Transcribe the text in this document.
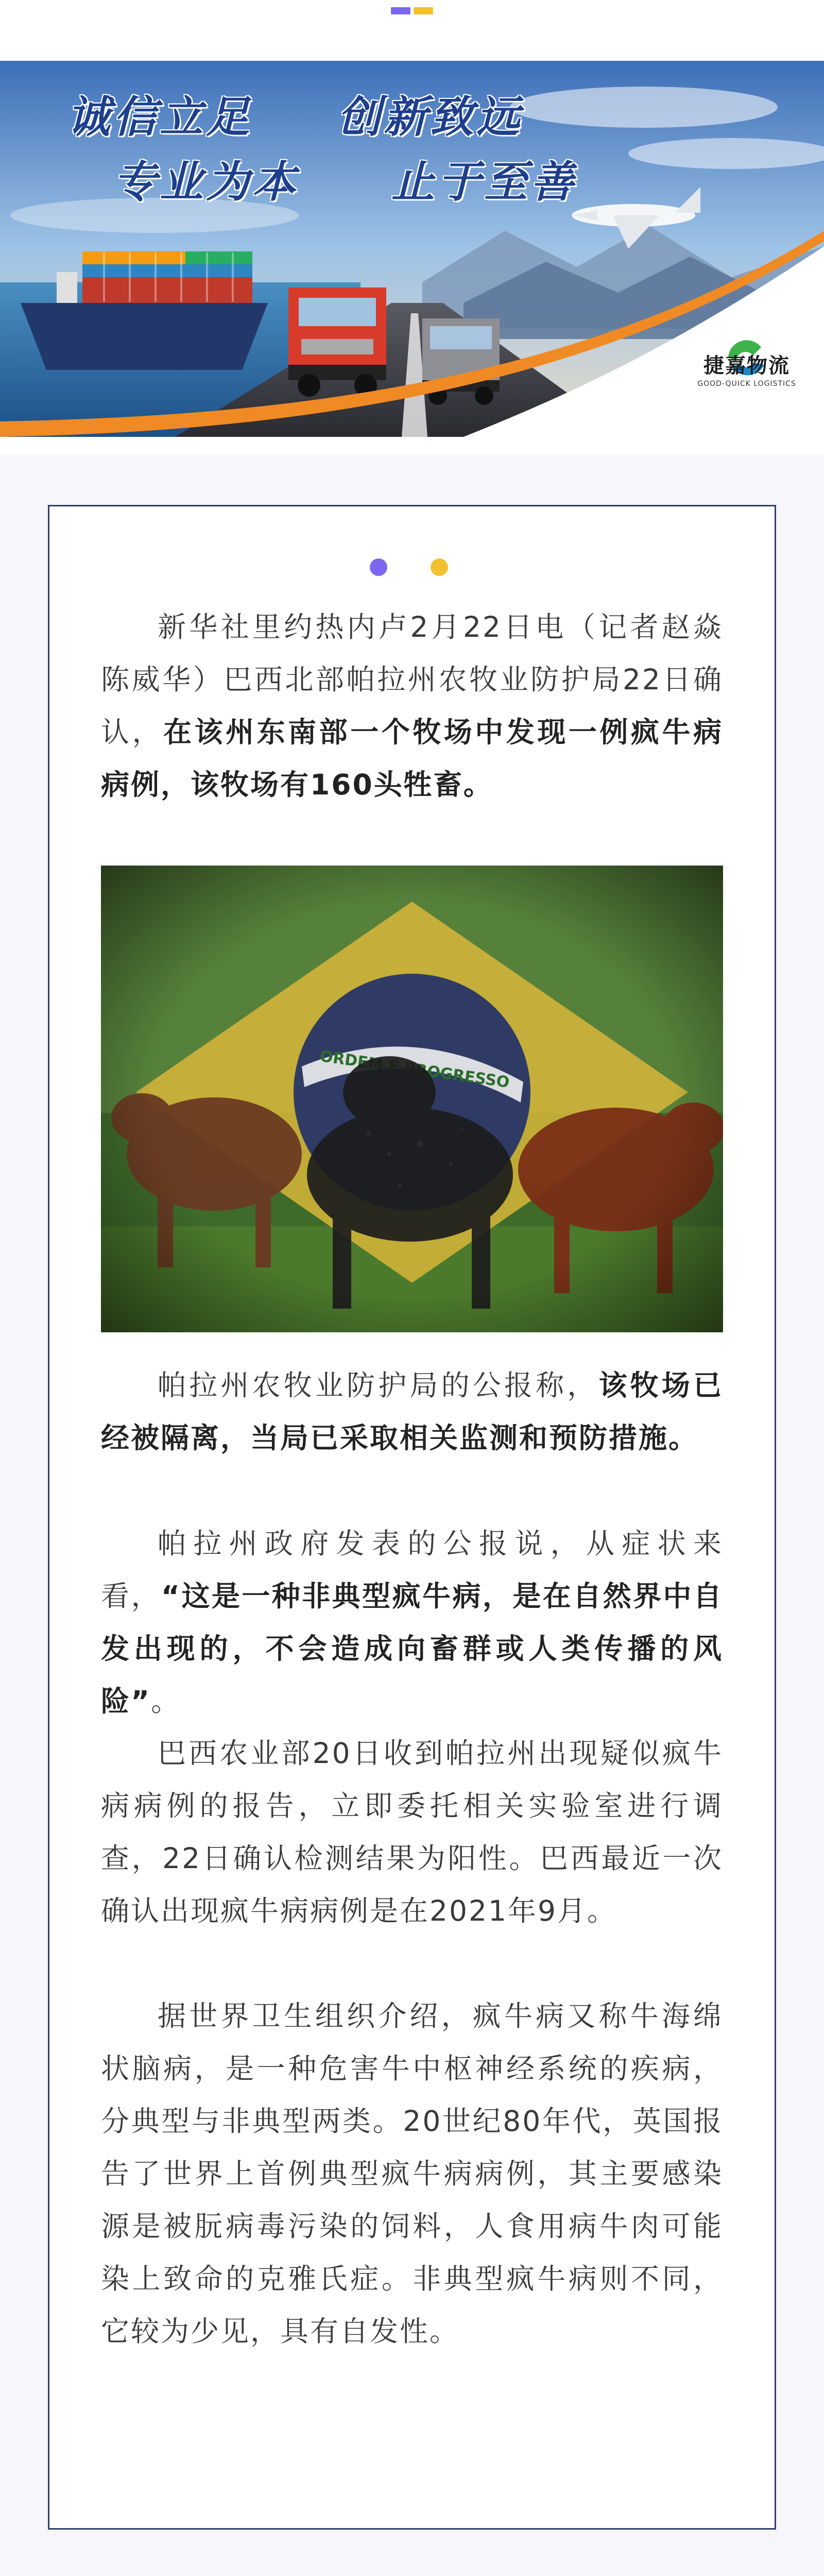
诚信立足 创新致远
专业为本 止于至善
捷嘉物流
GOOD-QUICK LOGISTICS

新华社里约热内卢2月22日电（记者赵焱 陈威华）巴西北部帕拉州农牧业防护局22日确认，在该州东南部一个牧场中发现一例疯牛病病例，该牧场有160头牲畜。

帕拉州农牧业防护局的公报称，该牧场已经被隔离，当局已采取相关监测和预防措施。

帕拉州政府发表的公报说，从症状来看，“这是一种非典型疯牛病，是在自然界中自发出现的，不会造成向畜群或人类传播的风险”。

巴西农业部20日收到帕拉州出现疑似疯牛病病例的报告，立即委托相关实验室进行调查，22日确认检测结果为阳性。巴西最近一次确认出现疯牛病病例是在2021年9月。

据世界卫生组织介绍，疯牛病又称牛海绵状脑病，是一种危害牛中枢神经系统的疾病，分典型与非典型两类。20世纪80年代，英国报告了世界上首例典型疯牛病病例，其主要感染源是被朊病毒污染的饲料，人食用病牛肉可能染上致命的克雅氏症。非典型疯牛病则不同，它较为少见，具有自发性。
